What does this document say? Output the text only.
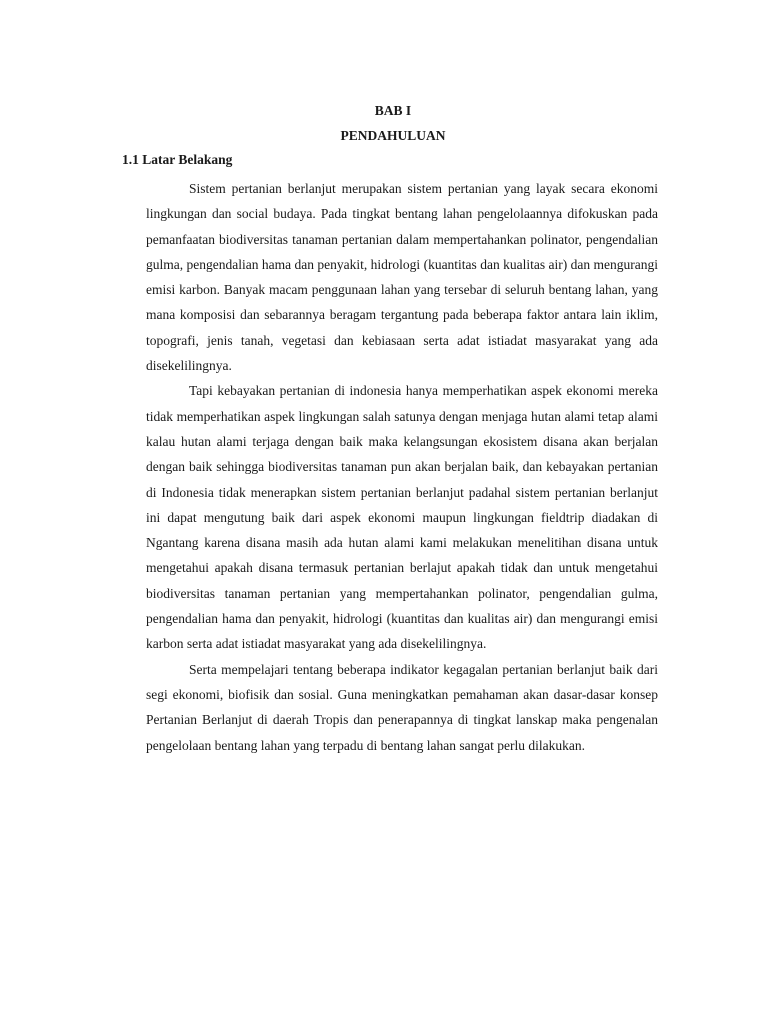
BAB I

PENDAHULUAN

1.1 Latar Belakang

Sistem pertanian berlanjut merupakan sistem pertanian yang layak secara ekonomi lingkungan dan social budaya. Pada tingkat bentang lahan pengelolaannya difokuskan pada pemanfaatan biodiversitas tanaman pertanian dalam mempertahankan polinator, pengendalian gulma, pengendalian hama dan penyakit, hidrologi (kuantitas dan kualitas air) dan mengurangi emisi karbon. Banyak macam penggunaan lahan yang tersebar di seluruh bentang lahan, yang mana komposisi dan sebarannya beragam tergantung pada beberapa faktor antara lain iklim, topografi, jenis tanah, vegetasi dan kebiasaan serta adat istiadat masyarakat yang ada disekelilingnya.

Tapi kebayakan pertanian di indonesia hanya memperhatikan aspek ekonomi mereka tidak memperhatikan aspek lingkungan salah satunya dengan menjaga hutan alami tetap alami kalau hutan alami terjaga dengan baik maka kelangsungan ekosistem disana akan berjalan dengan baik sehingga biodiversitas tanaman pun akan berjalan baik, dan kebayakan pertanian di Indonesia tidak menerapkan sistem pertanian berlanjut padahal sistem pertanian berlanjut ini dapat mengutung baik dari aspek ekonomi maupun lingkungan fieldtrip diadakan di Ngantang karena disana masih ada hutan alami kami melakukan menelitihan disana untuk mengetahui apakah disana termasuk pertanian berlajut apakah tidak dan untuk mengetahui biodiversitas tanaman pertanian yang mempertahankan polinator, pengendalian gulma, pengendalian hama dan penyakit, hidrologi (kuantitas dan kualitas air) dan mengurangi emisi karbon serta adat istiadat masyarakat yang ada disekelilingnya.

Serta mempelajari tentang beberapa indikator kegagalan pertanian berlanjut baik dari segi ekonomi, biofisik dan sosial. Guna meningkatkan pemahaman akan dasar-dasar konsep Pertanian Berlanjut di daerah Tropis dan penerapannya di tingkat lanskap maka pengenalan pengelolaan bentang lahan yang terpadu di bentang lahan sangat perlu dilakukan.
